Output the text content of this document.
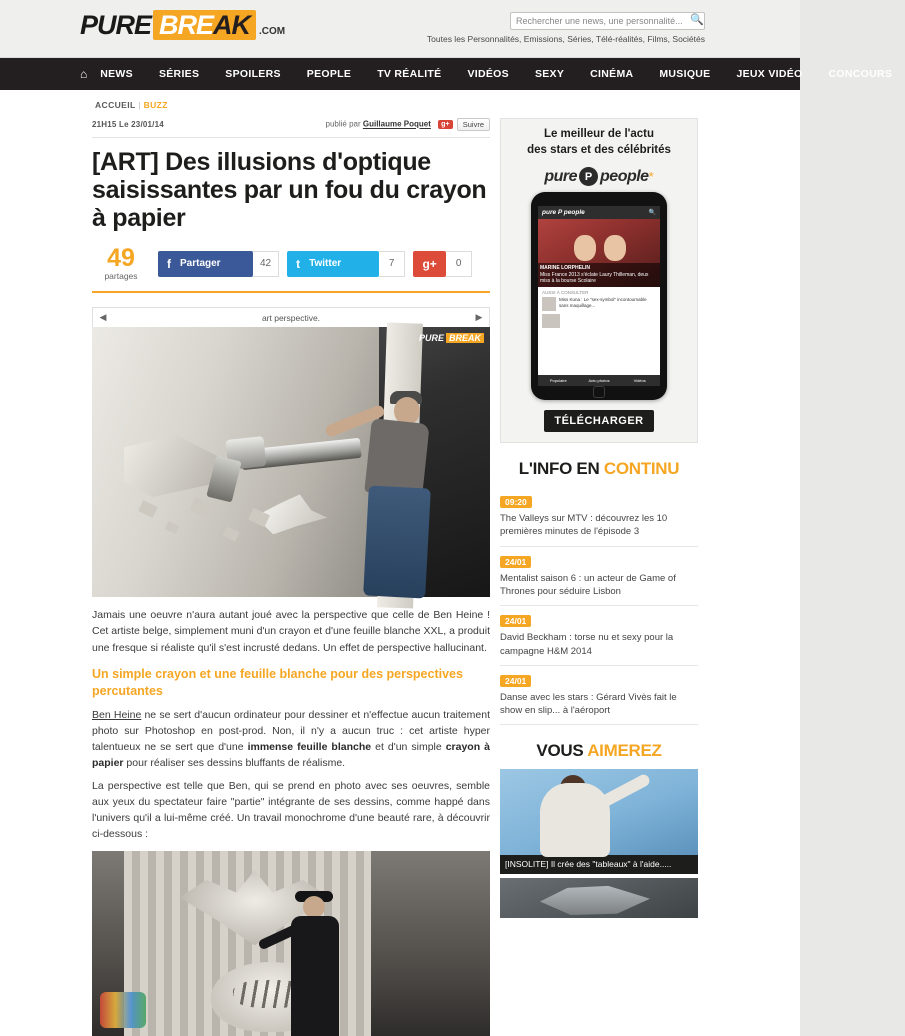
PURE BREAK .COM
Rechercher une news, une personnalité... 🔍
Toutes les Personnalités, Emissions, Séries, Télé-réalités, Films, Sociétés
⌂	NEWS	SÉRIES	SPOILERS	PEOPLE	TV RÉALITÉ	VIDÉOS	SEXY	CINÉMA	MUSIQUE	JEUX VIDÉO	CONCOURS
ACCUEIL | BUZZ
21H15 Le 23/01/14	publié par Guillaume Poquet g+ Suivre
[ART] Des illusions d'optique saisissantes par un fou du crayon à papier
49
partages
f Partager	42	t Twitter	7	g+	0
◀	art perspective.	▶
PURE BREAK

Jamais une oeuvre n'aura autant joué avec la perspective que celle de Ben Heine ! Cet artiste belge, simplement muni d'un crayon et d'une feuille blanche XXL, a produit une fresque si réaliste qu'il s'est incrusté dedans. Un effet de perspective hallucinant.

Un simple crayon et une feuille blanche pour des perspectives percutantes

Ben Heine ne se sert d'aucun ordinateur pour dessiner et n'effectue aucun traitement photo sur Photoshop en post-prod. Non, il n'y a aucun truc : cet artiste hyper talentueux ne se sert que d'une immense feuille blanche et d'un simple crayon à papier pour réaliser ses dessins bluffants de réalisme.

La perspective est telle que Ben, qui se prend en photo avec ses oeuvres, semble aux yeux du spectateur faire "partie" intégrante de ses dessins, comme happé dans l'univers qu'il a lui-même créé. Un travail monochrome d'une beauté rare, à découvrir ci-dessous :

Le meilleur de l'actu
des stars et des célébrités
pure P people *
pure P people	🔍
MARINE LORPHELIN
Miss France 2013 s'éclate Laury Thilleman, deux miss à la bourse Scolaire
AUSSI À CONSULTER
Miss Kuna : Le "sex-symbol" incontournable sans maquillage...
Populaire	Actu photos	Vidéos
TÉLÉCHARGER
L'INFO EN CONTINU
09:20
The Valleys sur MTV : découvrez les 10 premières minutes de l'épisode 3
24/01
Mentalist saison 6 : un acteur de Game of Thrones pour séduire Lisbon
24/01
David Beckham : torse nu et sexy pour la campagne H&M 2014
24/01
Danse avec les stars : Gérard Vivès fait le show en slip... à l'aéroport
VOUS AIMEREZ
[INSOLITE] Il crée des "tableaux" à l'aide.....
